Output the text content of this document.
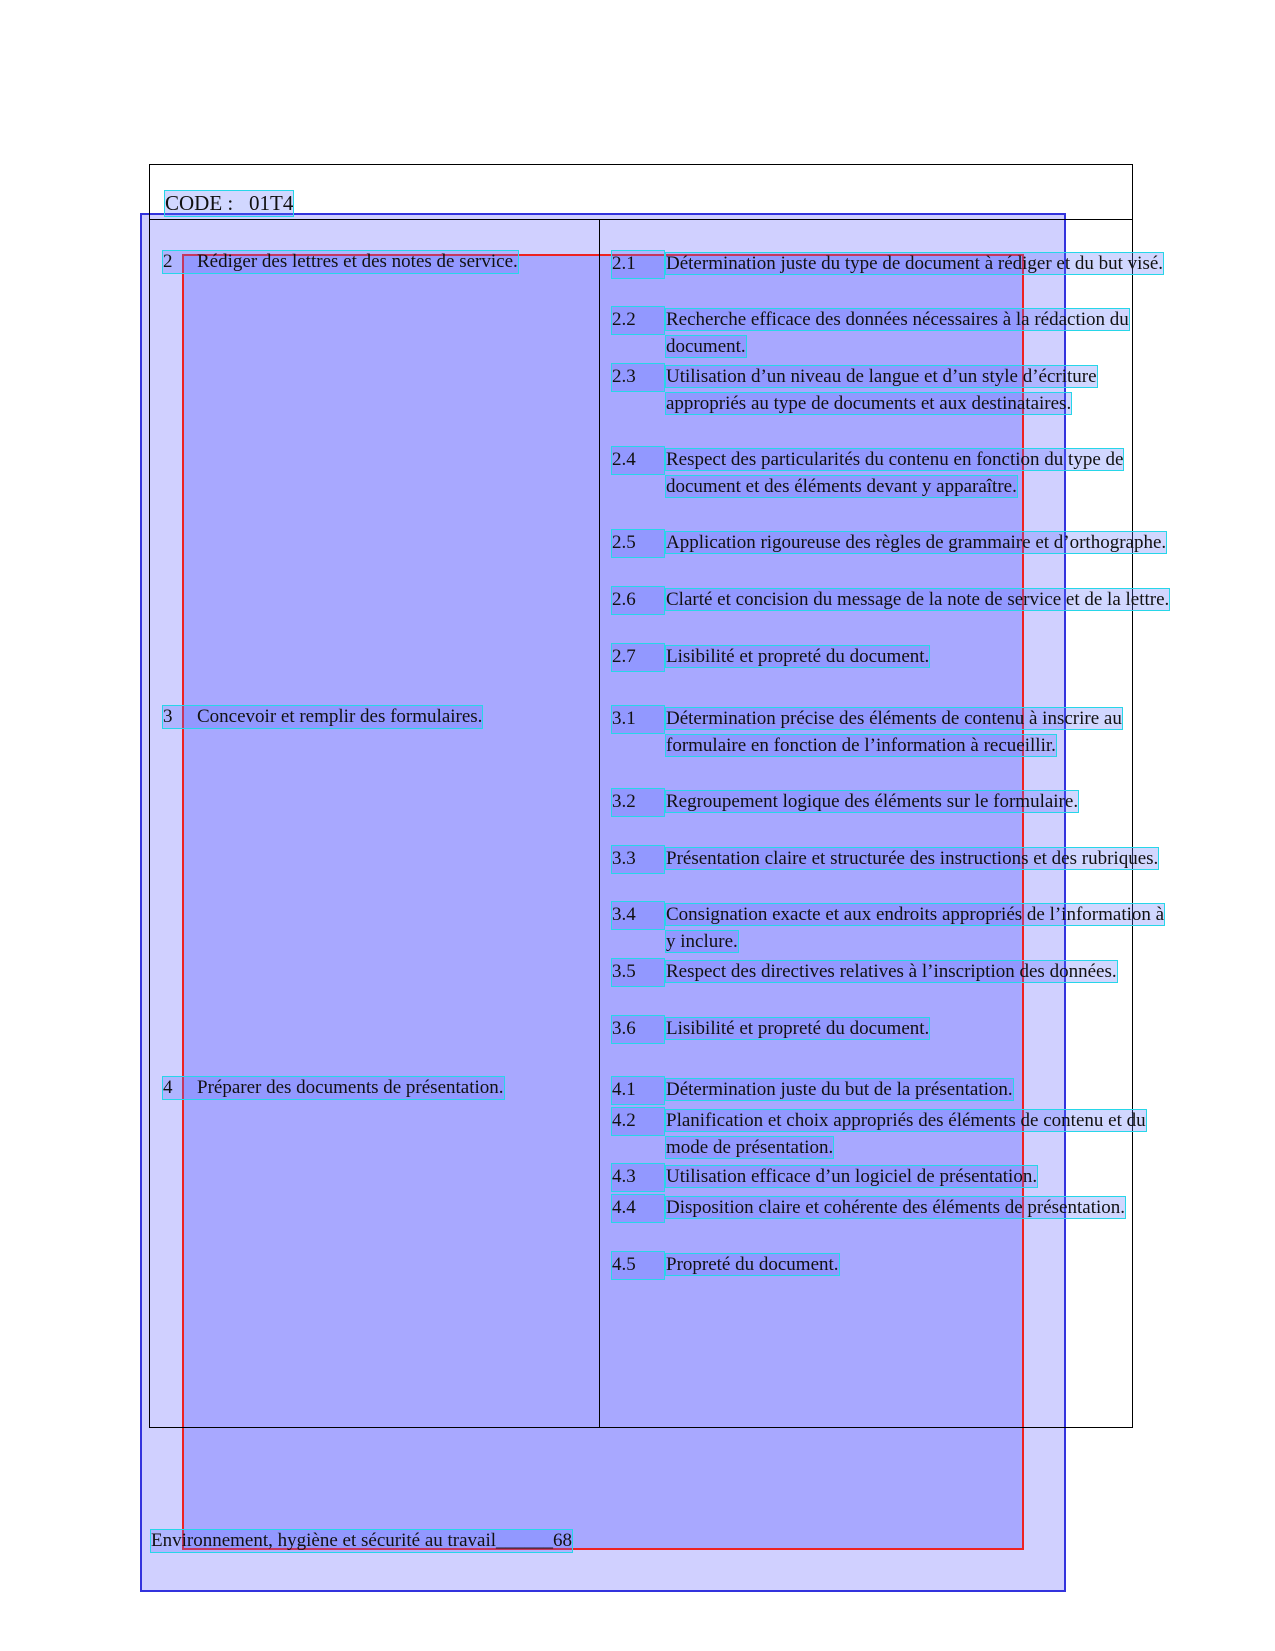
CODE : 01T4
2 Rédiger des lettres et des notes de service.	2.1	Détermination juste du type de document à rédiger et du but visé.
2.2	Recherche efficace des données nécessaires à la rédaction du document.
2.3	Utilisation d’un niveau de langue et d’un style d’écriture appropriés au type de documents et aux destinataires.
2.4	Respect des particularités du contenu en fonction du type de document et des éléments devant y apparaître.
2.5	Application rigoureuse des règles de grammaire et d’orthographe.
2.6	Clarté et concision du message de la note de service et de la lettre.
2.7	Lisibilité et propreté du document.
3 Concevoir et remplir des formulaires.	3.1	Détermination précise des éléments de contenu à inscrire au formulaire en fonction de l’information à recueillir.
3.2	Regroupement logique des éléments sur le formulaire.
3.3	Présentation claire et structurée des instructions et des rubriques.
3.4	Consignation exacte et aux endroits appropriés de l’information à y inclure.
3.5	Respect des directives relatives à l’inscription des données.
3.6	Lisibilité et propreté du document.
4 Préparer des documents de présentation.	4.1	Détermination juste du but de la présentation.
4.2	Planification et choix appropriés des éléments de contenu et du mode de présentation.
4.3	Utilisation efficace d’un logiciel de présentation.
4.4	Disposition claire et cohérente des éléments de présentation.
4.5	Propreté du document.
Environnement, hygiène et sécurité au travail______68
